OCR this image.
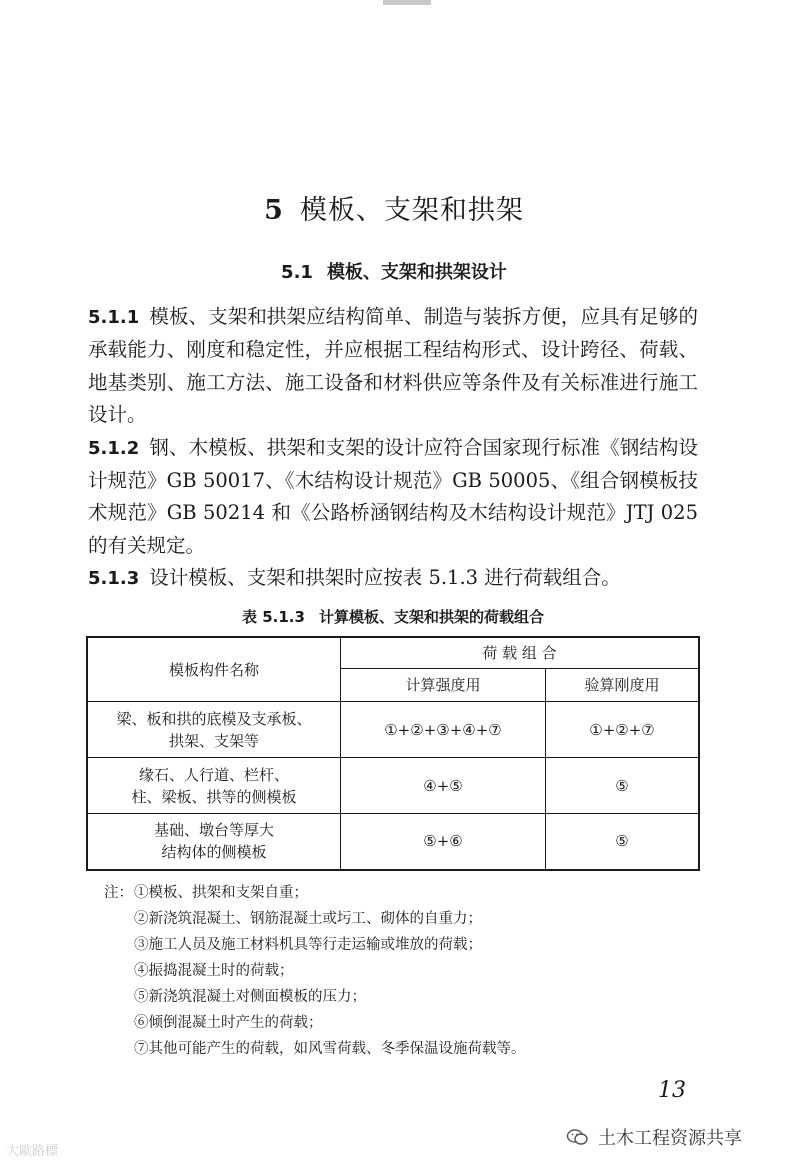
5 模板、支架和拱架
5.1 模板、支架和拱架设计

5.1.1 模板、支架和拱架应结构简单、制造与装拆方便，应具有足够的承载能力、刚度和稳定性，并应根据工程结构形式、设计跨径、荷载、地基类别、施工方法、施工设备和材料供应等条件及有关标准进行施工设计。

5.1.2 钢、木模板、拱架和支架的设计应符合国家现行标准《钢结构设计规范》GB 50017、《木结构设计规范》GB 50005、《组合钢模板技术规范》GB 50214 和《公路桥涵钢结构及木结构设计规范》JTJ 025 的有关规定。

5.1.3 设计模板、支架和拱架时应按表 5.1.3 进行荷载组合。

表 5.1.3 计算模板、支架和拱架的荷载组合
模板构件名称	荷 载 组 合	
	计算强度用	验算刚度用

梁、板和拱的底模及支承板、
拱架、支架等	①+②+③+④+⑦	①+②+⑦

缘石、人行道、栏杆、
柱、梁板、拱等的侧模板	④+⑤	⑤

基础、墩台等厚大
结构体的侧模板	⑤+⑥	⑤
注：①模板、拱架和支架自重；
②新浇筑混凝土、钢筋混凝土或圬工、砌体的自重力；
③施工人员及施工材料机具等行走运输或堆放的荷载；
④振捣混凝土时的荷载；
⑤新浇筑混凝土对侧面模板的压力；
⑥倾倒混凝土时产生的荷载；
⑦其他可能产生的荷载，如风雪荷载、冬季保温设施荷载等。
13
大歐路標
土木工程资源共享
